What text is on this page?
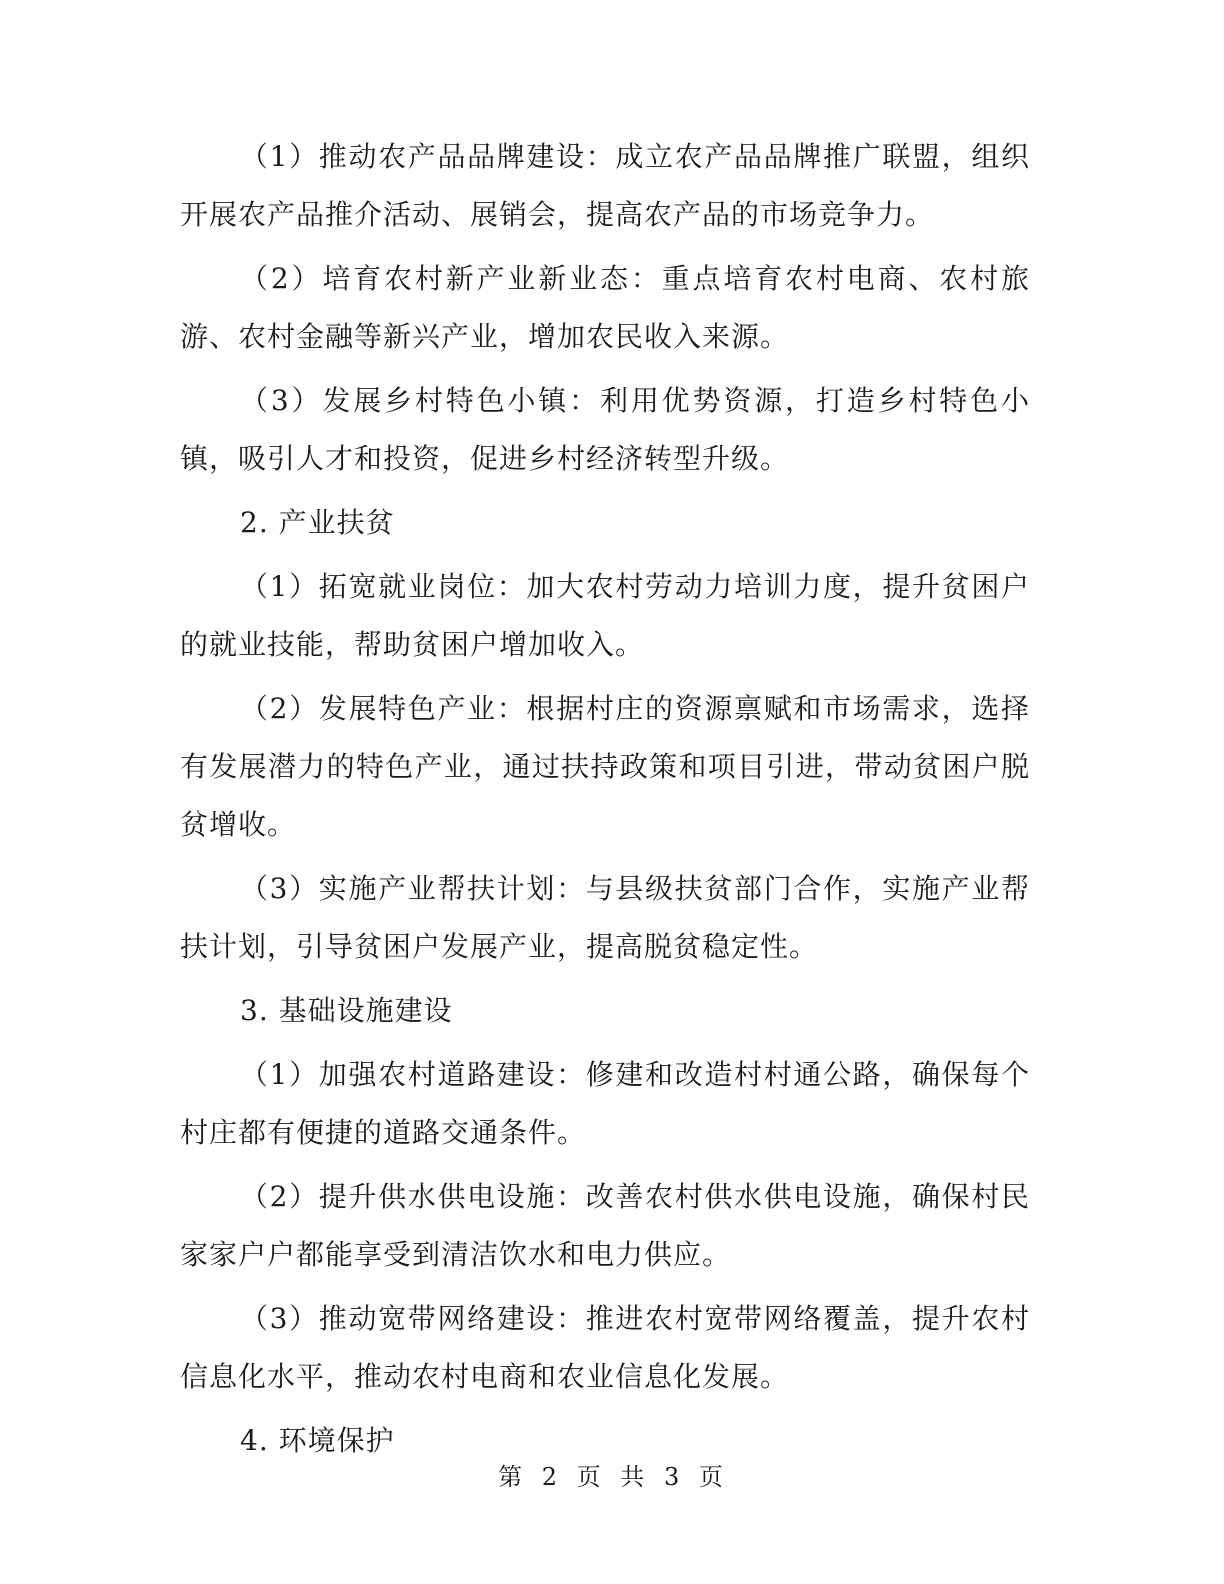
（1）推动农产品品牌建设：成立农产品品牌推广联盟，组织开展农产品推介活动、展销会，提高农产品的市场竞争力。

（2）培育农村新产业新业态：重点培育农村电商、农村旅游、农村金融等新兴产业，增加农民收入来源。

（3）发展乡村特色小镇：利用优势资源，打造乡村特色小镇，吸引人才和投资，促进乡村经济转型升级。

2. 产业扶贫

（1）拓宽就业岗位：加大农村劳动力培训力度，提升贫困户的就业技能，帮助贫困户增加收入。

（2）发展特色产业：根据村庄的资源禀赋和市场需求，选择有发展潜力的特色产业，通过扶持政策和项目引进，带动贫困户脱贫增收。

（3）实施产业帮扶计划：与县级扶贫部门合作，实施产业帮扶计划，引导贫困户发展产业，提高脱贫稳定性。

3. 基础设施建设

（1）加强农村道路建设：修建和改造村村通公路，确保每个村庄都有便捷的道路交通条件。

（2）提升供水供电设施：改善农村供水供电设施，确保村民家家户户都能享受到清洁饮水和电力供应。

（3）推动宽带网络建设：推进农村宽带网络覆盖，提升农村信息化水平，推动农村电商和农业信息化发展。

4. 环境保护

第 2 页 共 3 页
